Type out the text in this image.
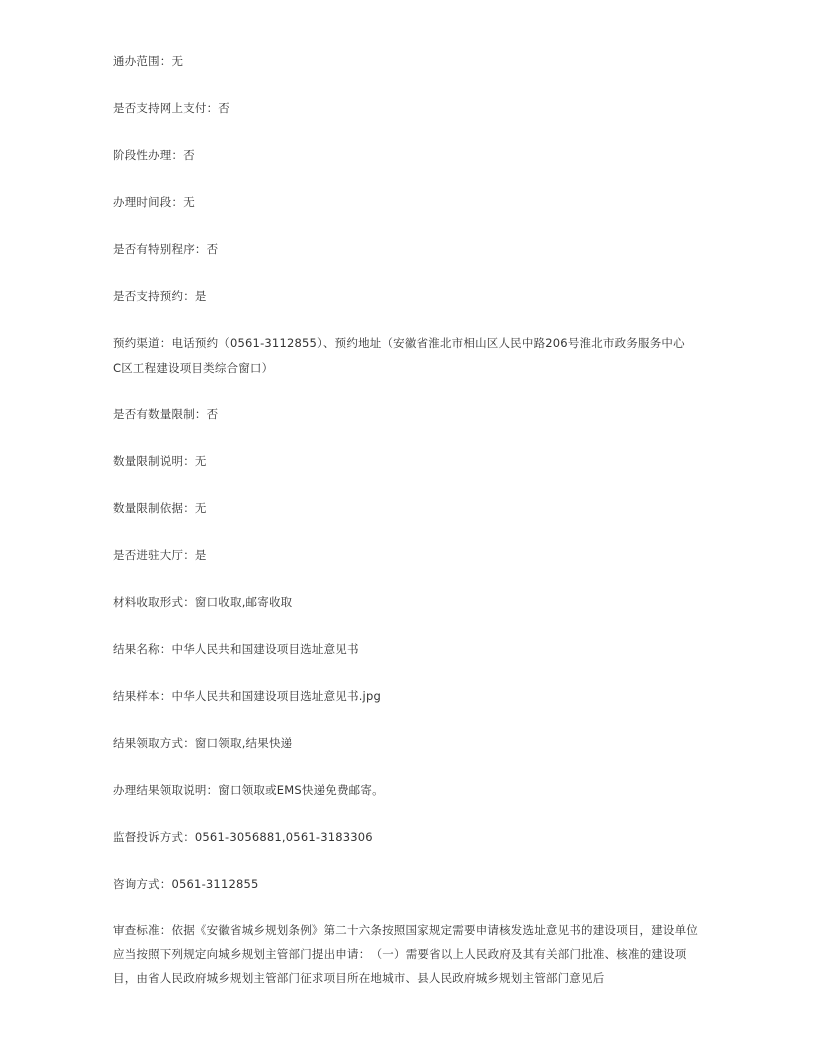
通办范围：无
是否支持网上支付：否
阶段性办理：否
办理时间段：无
是否有特别程序：否
是否支持预约：是
预约渠道：电话预约（0561-3112855）、预约地址（安徽省淮北市相山区人民中路206号淮北市政务服务中心
C区工程建设项目类综合窗口）
是否有数量限制：否
数量限制说明：无
数量限制依据：无
是否进驻大厅：是
材料收取形式：窗口收取,邮寄收取
结果名称：中华人民共和国建设项目选址意见书
结果样本：中华人民共和国建设项目选址意见书.jpg
结果领取方式：窗口领取,结果快递
办理结果领取说明：窗口领取或EMS快递免费邮寄。
监督投诉方式：0561-3056881,0561-3183306
咨询方式：0561-3112855
审查标准：依据《安徽省城乡规划条例》第二十六条按照国家规定需要申请核发选址意见书的建设项目，建设单位应当按照下列规定向城乡规划主管部门提出申请：　（一）需要省以上人民政府及其有关部门批准、核准的建设项目，由省人民政府城乡规划主管部门征求项目所在地城市、县人民政府城乡规划主管部门意见后
